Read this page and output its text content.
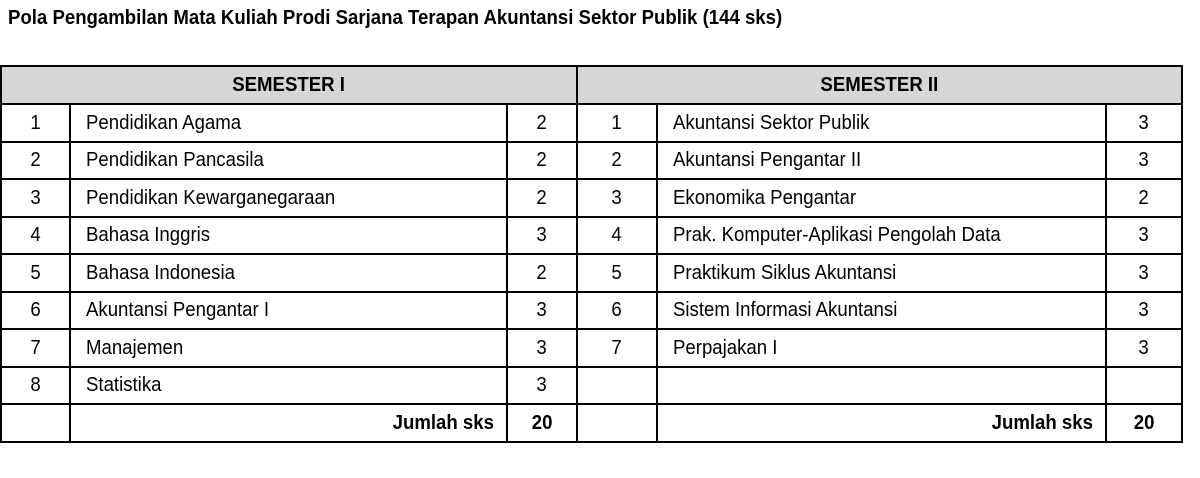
Pola Pengambilan Mata Kuliah Prodi Sarjana Terapan Akuntansi Sektor Publik (144 sks)
SEMESTER I			SEMESTER II		
1	Pendidikan Agama	2	1	Akuntansi Sektor Publik	3
2	Pendidikan Pancasila	2	2	Akuntansi Pengantar II	3
3	Pendidikan Kewarganegaraan	2	3	Ekonomika Pengantar	2
4	Bahasa Inggris	3	4	Prak. Komputer-Aplikasi Pengolah Data	3
5	Bahasa Indonesia	2	5	Praktikum Siklus Akuntansi	3
6	Akuntansi Pengantar I	3	6	Sistem Informasi Akuntansi	3
7	Manajemen	3	7	Perpajakan I	3
8	Statistika	3			
	Jumlah sks	20		Jumlah sks	20
